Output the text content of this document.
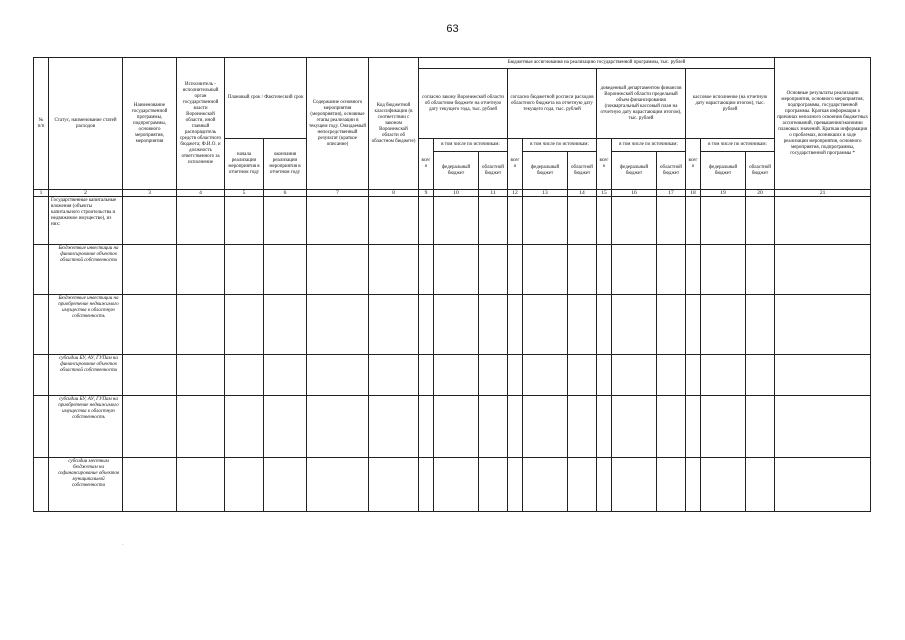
63
№ п/п	Статус, наименование статей расходов	Наименование государственной программы, подпрограммы, основного мероприятия, мероприятия	Исполнитель - исполнительный орган государственной власти Воронежской области, иной главный распорядитель средств областного бюджета; Ф.И.О. и должность ответственного за исполнение	Плановый срок / Фактический срок		Содержание основного мероприятия (мероприятия), основные этапы реализации в текущем году. Ожидаемый непосредственный результат (краткое описание)	Код бюджетной классификации (в соответствии с законом Воронежской области об областном бюджете)	Бюджетные ассигнования на реализацию государственной программы, тыс. рублей												Основные результаты реализации мероприятия, основного мероприятия, подпрограммы, государственной программы. Краткая информация о причинах неполного освоения бюджетных ассигнований, превышения/экономии плановых значений. Краткая информация о проблемах, возникших в ходе реализации мероприятия, основного мероприятия, подпрограммы, государственной программы *
								согласно закону Воронежской области об областном бюджете на отчетную дату текущего года, тыс. рублей			согласно бюджетной росписи расходов областного бюджета на отчетную дату текущего года, тыс. рублей			доведенный департаментом финансов Воронежской области предельный объем финансирования (поквартальный кассовый план на отчетную дату нарастающим итогом), тыс. рублей			кассовое исполнение (на отчетную дату нарастающим итогом), тыс. рублей			
				начала реализации мероприятия в отчетном году	окончания реализации мероприятия в отчетном году			всего	в том числе по источникам:		всего	в том числе по источникам:		всего	в том числе по источникам:		всего	в том числе по источникам:		
									федеральный бюджет	областной бюджет		федеральный бюджет	областной бюджет		федеральный бюджет	областной бюджет		федеральный бюджет	областной бюджет	
1	2	3	4	5	6	7	8	9	10	11	12	13	14	15	16	17	18	19	20	21
	Государственные капитальные вложения (объекты капитального строительства и недвижимое имущество), из них:																			
	Бюджетные инвестиции на финансирование объектов областной собственности																			
	Бюджетные инвестиции на приобретение недвижимого имущества в областную собственность																			
	субсидии БУ, АУ, ГУПам на финансирование объектов областной собственности																			
	субсидии БУ, АУ, ГУПам на приобретение недвижимого имущества в областную собственность																			
	субсидии местным бюджетам на софинансирование объектов муниципальной собственности																			
·
